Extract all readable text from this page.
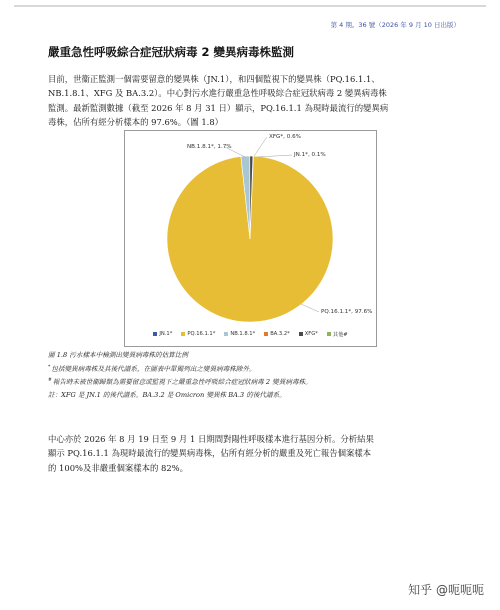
第 4 期。36 號（2026 年 9 月 10 日出版）
嚴重急性呼吸綜合症冠狀病毒 2 變異病毒株監測

目前，世衞正監測一個需要留意的變異株（JN.1），和四個監視下的變異株（PQ.16.1.1、
NB.1.8.1、XFG 及 BA.3.2）。中心對污水進行嚴重急性呼吸綜合症冠狀病毒 2 變異病毒株
監測。最新監測數據（截至 2026 年 8 月 31 日）顯示，PQ.16.1.1 為現時最流行的變異病
毒株，佔所有經分析樣本的 97.6%。（圖 1.8）

JN.1*, 0.1%
PQ.16.1.1*, 97.6%
NB.1.8.1*, 1.7%
XFG*, 0.6%
JN.1*	PQ.16.1.1*	NB.1.8.1*	BA.3.2*	XFG*	其他#
圖 1.8 污水樣本中檢測出變異病毒株的估算比例
*包括變異病毒株及其後代譜系，在圖表中單獨列出之變異病毒株除外。
#報告時未被世衞歸類為需要留意或監視下之嚴重急性呼吸綜合症冠狀病毒 2 變異病毒株。
註：XFG 是 JN.1 的後代譜系。BA.3.2 是 Omicron 變異株 BA.3 的後代譜系。

中心亦於 2026 年 8 月 19 日至 9 月 1 日期間對陽性呼吸樣本進行基因分析。分析結果
顯示 PQ.16.1.1 為現時最流行的變異病毒株，佔所有經分析的嚴重及死亡報告個案樣本
的 100%及非嚴重個案樣本的 82%。

知乎 @呃呃呃
